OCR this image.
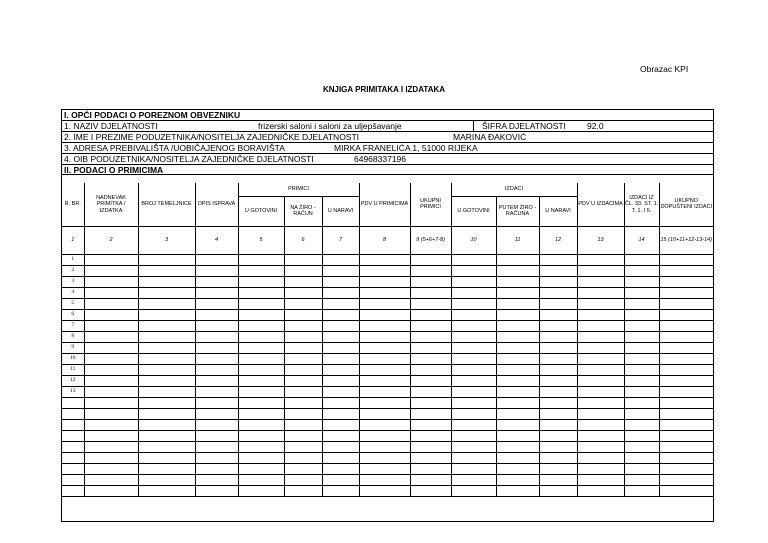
Obrazac KPI
KNJIGA PRIMITAKA I IZDATAKA
I. OPĆI PODACI O POREZNOM OBVEZNIKU
1. NAZIV DJELATNOSTI	frizerski saloni i saloni za uljepšavanje	ŠIFRA DJELATNOSTI 92.0
2. IME I PREZIME PODUZETNIKA/NOSITELJA ZAJEDNIČKE DJELATNOSTI	MARINA ĐAKOVIĆ
3. ADRESA PREBIVALIŠTA /UOBIČAJENOG BORAVIŠTA	MIRKA FRANELIĆA 1, 51000 RIJEKA
4. OIB PODUZETNIKA/NOSITELJA ZAJEDNIČKE DJELATNOSTI	64968337196
II. PODACI O PRIMICIMA
R. BR.	NADNEVAK PRIMITKA / IZDATKA	BROJ TEMELJNICE	OPIS ISPRAVA	PRIMICI			PDV U PRIMICIMA	UKUPNI PRIMICI	IZDACI			PDV U IZDACIMA	IZDACI IZ ČL. 33. ST. 1. T. 1. I 5.	UKUPNO DOPUŠTENI IZDACI
				U GOTOVINI	NA ŽIRO - RAČUN	U NARAVI			U GOTOVINI	PUTEM ŽIRO - RAČUNA	U NARAVI			
1	2	3	4	5	6	7	8	9 (5+6+7-8)	10	11	12	13	14	15 (10+11+12-13-14)
1														
2														
3														
4														
5														
6														
7														
8														
9														
10														
11														
12														
13														
